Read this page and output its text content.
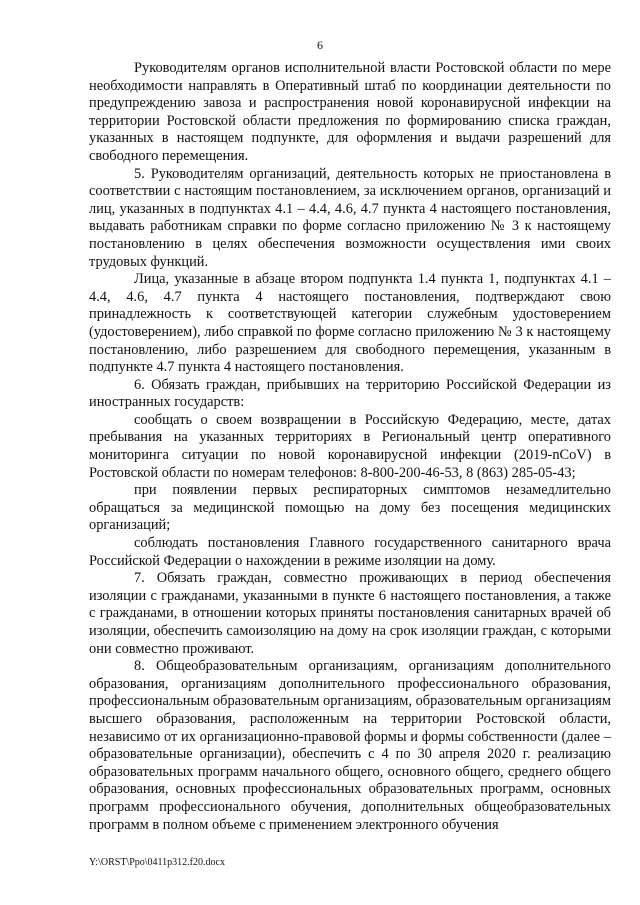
6

Руководителям органов исполнительной власти Ростовской области по мере необходимости направлять в Оперативный штаб по координации деятельности по предупреждению завоза и распространения новой коронавирусной инфекции на территории Ростовской области предложения по формированию списка граждан, указанных в настоящем подпункте, для оформления и выдачи разрешений для свободного перемещения.

5. Руководителям организаций, деятельность которых не приостановлена в соответствии с настоящим постановлением, за исключением органов, организаций и лиц, указанных в подпунктах 4.1 – 4.4, 4.6, 4.7 пункта 4 настоящего постановления, выдавать работникам справки по форме согласно приложению № 3 к настоящему постановлению в целях обеспечения возможности осуществления ими своих трудовых функций.

Лица, указанные в абзаце втором подпункта 1.4 пункта 1, подпунктах 4.1 – 4.4, 4.6, 4.7 пункта 4 настоящего постановления, подтверждают свою принадлежность к соответствующей категории служебным удостоверением (удостоверением), либо справкой по форме согласно приложению № 3 к настоящему постановлению, либо разрешением для свободного перемещения, указанным в подпункте 4.7 пункта 4 настоящего постановления.

6. Обязать граждан, прибывших на территорию Российской Федерации из иностранных государств:

сообщать о своем возвращении в Российскую Федерацию, месте, датах пребывания на указанных территориях в Региональный центр оперативного мониторинга ситуации по новой коронавирусной инфекции (2019-nCoV) в Ростовской области по номерам телефонов: 8-800-200-46-53, 8 (863) 285-05-43;

при появлении первых респираторных симптомов незамедлительно обращаться за медицинской помощью на дому без посещения медицинских организаций;

соблюдать постановления Главного государственного санитарного врача Российской Федерации о нахождении в режиме изоляции на дому.

7. Обязать граждан, совместно проживающих в период обеспечения изоляции с гражданами, указанными в пункте 6 настоящего постановления, а также с гражданами, в отношении которых приняты постановления санитарных врачей об изоляции, обеспечить самоизоляцию на дому на срок изоляции граждан, с которыми они совместно проживают.

8. Общеобразовательным организациям, организациям дополнительного образования, организациям дополнительного профессионального образования, профессиональным образовательным организациям, образовательным организациям высшего образования, расположенным на территории Ростовской области, независимо от их организационно-правовой формы и формы собственности (далее – образовательные организации), обеспечить с 4 по 30 апреля 2020 г. реализацию образовательных программ начального общего, основного общего, среднего общего образования, основных профессиональных образовательных программ, основных программ профессионального обучения, дополнительных общеобразовательных программ в полном объеме с применением электронного обучения

Y:\ORST\Ppo\0411p312.f20.docx
